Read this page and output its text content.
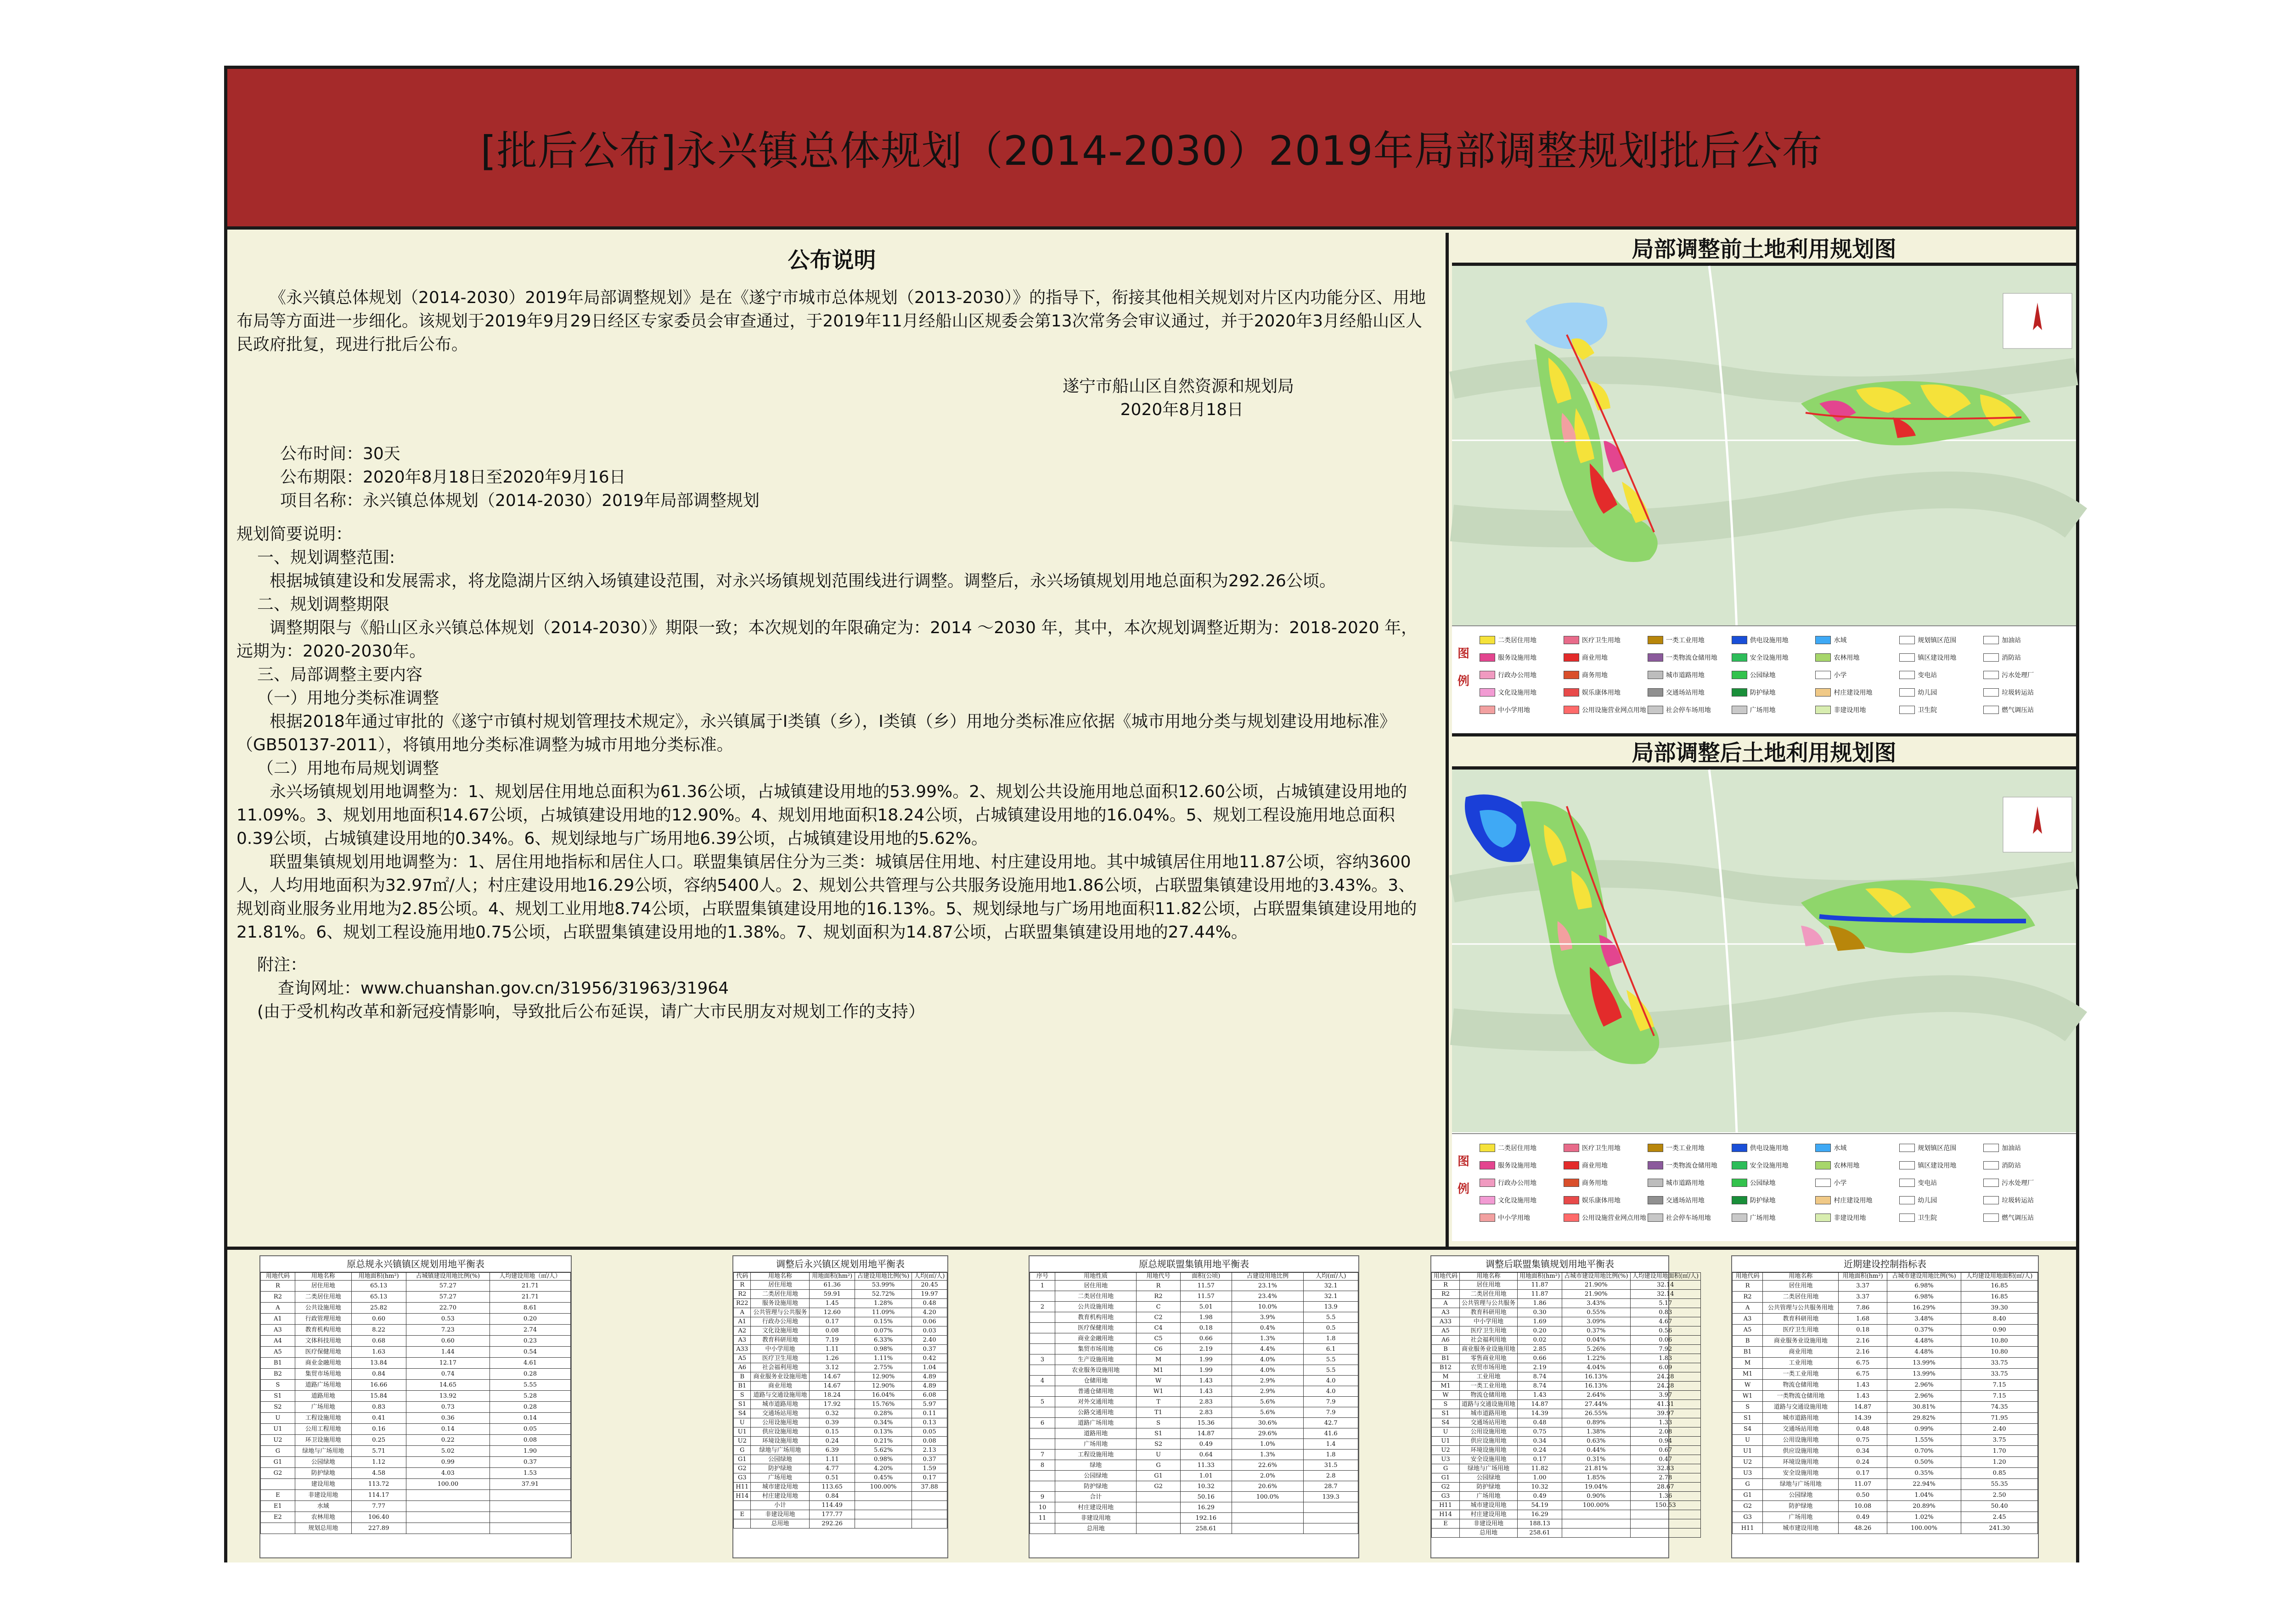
[批后公布]永兴镇总体规划（2014-2030）2019年局部调整规划批后公布
公布说明
《永兴镇总体规划（2014-2030）2019年局部调整规划》是在《遂宁市城市总体规划（2013-2030）》的指导下，衔接其他相关规划对片区内功能分区、用地布局等方面进一步细化。该规划于2019年9月29日经区专家委员会审查通过，于2019年11月经船山区规委会第13次常务会审议通过，并于2020年3月经船山区人民政府批复，现进行批后公布。
遂宁市船山区自然资源和规划局
2020年8月18日
公布时间：30天
公布期限：2020年8月18日至2020年9月16日
项目名称：永兴镇总体规划（2014-2030）2019年局部调整规划
规划简要说明：
一、规划调整范围:
根据城镇建设和发展需求，将龙隐湖片区纳入场镇建设范围，对永兴场镇规划范围线进行调整。调整后，永兴场镇规划用地总面积为292.26公顷。
二、规划调整期限
调整期限与《船山区永兴镇总体规划（2014-2030）》期限一致；本次规划的年限确定为：2014 ～2030 年，其中，本次规划调整近期为：2018-2020 年，远期为：2020-2030年。
三、局部调整主要内容
（一）用地分类标准调整
根据2018年通过审批的《遂宁市镇村规划管理技术规定》，永兴镇属于Ⅰ类镇（乡），Ⅰ类镇（乡）用地分类标准应依据《城市用地分类与规划建设用地标准》（GB50137-2011），将镇用地分类标准调整为城市用地分类标准。
（二）用地布局规划调整
永兴场镇规划用地调整为：1、规划居住用地总面积为61.36公顷，占城镇建设用地的53.99%。2、规划公共设施用地总面积12.60公顷，占城镇建设用地的11.09%。3、规划用地面积14.67公顷，占城镇建设用地的12.90%。4、规划用地面积18.24公顷，占城镇建设用地的16.04%。5、规划工程设施用地总面积0.39公顷，占城镇建设用地的0.34%。6、规划绿地与广场用地6.39公顷，占城镇建设用地的5.62%。
联盟集镇规划用地调整为：1、居住用地指标和居住人口。联盟集镇居住分为三类：城镇居住用地、村庄建设用地。其中城镇居住用地11.87公顷，容纳3600人，人均用地面积为32.97㎡/人；村庄建设用地16.29公顷，容纳5400人。2、规划公共管理与公共服务设施用地1.86公顷，占联盟集镇建设用地的3.43%。3、规划商业服务业用地为2.85公顷。4、规划工业用地8.74公顷，占联盟集镇建设用地的16.13%。5、规划绿地与广场用地面积11.82公顷，占联盟集镇建设用地的21.81%。6、规划工程设施用地0.75公顷，占联盟集镇建设用地的1.38%。7、规划面积为14.87公顷，占联盟集镇建设用地的27.44%。
附注：
查询网址：www.chuanshan.gov.cn/31956/31963/31964
(由于受机构改革和新冠疫情影响，导致批后公布延误，请广大市民朋友对规划工作的支持）
局部调整前土地利用规划图
图例
二类居住用地	医疗卫生用地	一类工业用地	供电设施用地	水域	规划镇区范围	加油站
服务设施用地	商业用地	一类物流仓储用地	安全设施用地	农林用地	镇区建设用地	消防站
行政办公用地	商务用地	城市道路用地	公园绿地	小学	变电站	污水处理厂
文化设施用地	娱乐康体用地	交通场站用地	防护绿地	村庄建设用地	幼儿园	垃圾转运站
中小学用地	公用设施营业网点用地	社会停车场用地	广场用地	非建设用地	卫生院	燃气调压站
局部调整后土地利用规划图
图例
二类居住用地	医疗卫生用地	一类工业用地	供电设施用地	水域	规划镇区范围	加油站
服务设施用地	商业用地	一类物流仓储用地	安全设施用地	农林用地	镇区建设用地	消防站
行政办公用地	商务用地	城市道路用地	公园绿地	小学	变电站	污水处理厂
文化设施用地	娱乐康体用地	交通场站用地	防护绿地	村庄建设用地	幼儿园	垃圾转运站
中小学用地	公用设施营业网点用地	社会停车场用地	广场用地	非建设用地	卫生院	燃气调压站
原总规永兴镇镇区规划用地平衡表
用地代码	用地名称	用地面积(hm²)	占城镇建设用地比例(%)	人均建设用地（㎡/人）
R	居住用地	65.13	57.27	21.71
R2	二类居住用地	65.13	57.27	21.71
A	公共设施用地	25.82	22.70	8.61
A1	行政管理用地	0.60	0.53	0.20
A3	教育机构用地	8.22	7.23	2.74
A4	文体科技用地	0.68	0.60	0.23
A5	医疗保健用地	1.63	1.44	0.54
B1	商业金融用地	13.84	12.17	4.61
B2	集贸市场用地	0.84	0.74	0.28
S	道路广场用地	16.66	14.65	5.55
S1	道路用地	15.84	13.92	5.28
S2	广场用地	0.83	0.73	0.28
U	工程设施用地	0.41	0.36	0.14
U1	公用工程用地	0.16	0.14	0.05
U2	环卫设施用地	0.25	0.22	0.08
G	绿地与广场用地	5.71	5.02	1.90
G1	公园绿地	1.12	0.99	0.37
G2	防护绿地	4.58	4.03	1.53
	建设用地	113.72	100.00	37.91
E	非建设用地	114.17		
E1	水域	7.77		
E2	农林用地	106.40		
	规划总用地	227.89		
调整后永兴镇区规划用地平衡表
代码	用地名称	用地面积(hm²)	占建设用地比例(%)	人均(㎡/人)
R	居住用地	61.36	53.99%	20.45
R2	二类居住用地	59.91	52.72%	19.97
R22	服务设施用地	1.45	1.28%	0.48
A	公共管理与公共服务	12.60	11.09%	4.20
A1	行政办公用地	0.17	0.15%	0.06
A2	文化设施用地	0.08	0.07%	0.03
A3	教育科研用地	7.19	6.33%	2.40
A33	中小学用地	1.11	0.98%	0.37
A5	医疗卫生用地	1.26	1.11%	0.42
A6	社会福利用地	3.12	2.75%	1.04
B	商业服务业设施用地	14.67	12.90%	4.89
B1	商业用地	14.67	12.90%	4.89
S	道路与交通设施用地	18.24	16.04%	6.08
S1	城市道路用地	17.92	15.76%	5.97
S4	交通场站用地	0.32	0.28%	0.11
U	公用设施用地	0.39	0.34%	0.13
U1	供应设施用地	0.15	0.13%	0.05
U2	环境设施用地	0.24	0.21%	0.08
G	绿地与广场用地	6.39	5.62%	2.13
G1	公园绿地	1.11	0.98%	0.37
G2	防护绿地	4.77	4.20%	1.59
G3	广场用地	0.51	0.45%	0.17
H11	城市建设用地	113.65	100.00%	37.88
H14	村庄建设用地	0.84		
	小计	114.49		
E	非建设用地	177.77		
	总用地	292.26		
原总规联盟集镇用地平衡表
序号	用地性质	用地代号	面积(公顷)	占建设用地比例	人均(㎡/人)
1	居住用地	R	11.57	23.1%	32.1
	二类居住用地	R2	11.57	23.4%	32.1
2	公共设施用地	C	5.01	10.0%	13.9
	教育机构用地	C2	1.98	3.9%	5.5
	医疗保健用地	C4	0.18	0.4%	0.5
	商业金融用地	C5	0.66	1.3%	1.8
	集贸市场用地	C6	2.19	4.4%	6.1
3	生产设施用地	M	1.99	4.0%	5.5
	农业服务设施用地	M1	1.99	4.0%	5.5
4	仓储用地	W	1.43	2.9%	4.0
	普通仓储用地	W1	1.43	2.9%	4.0
5	对外交通用地	T	2.83	5.6%	7.9
	公路交通用地	T1	2.83	5.6%	7.9
6	道路广场用地	S	15.36	30.6%	42.7
	道路用地	S1	14.87	29.6%	41.6
	广场用地	S2	0.49	1.0%	1.4
7	工程设施用地	U	0.64	1.3%	1.8
8	绿地	G	11.33	22.6%	31.5
	公园绿地	G1	1.01	2.0%	2.8
	防护绿地	G2	10.32	20.6%	28.7
9	合计		50.16	100.0%	139.3
10	村庄建设用地		16.29		
11	非建设用地		192.16		
	总用地		258.61		
调整后联盟集镇规划用地平衡表
用地代码	用地名称	用地面积(hm²)	占城市建设用地比例(%)	人均建设用地面积(㎡/人)
R	居住用地	11.87	21.90%	32.14
R2	二类居住用地	11.87	21.90%	32.14
A	公共管理与公共服务	1.86	3.43%	5.17
A3	教育科研用地	0.30	0.55%	0.83
A33	中小学用地	1.69	3.09%	4.67
A5	医疗卫生用地	0.20	0.37%	0.56
A6	社会福利用地	0.02	0.04%	0.06
B	商业服务业设施用地	2.85	5.26%	7.92
B1	零售商业用地	0.66	1.22%	1.83
B12	农贸市场用地	2.19	4.04%	6.09
M	工业用地	8.74	16.13%	24.28
M1	一类工业用地	8.74	16.13%	24.28
W	物流仓储用地	1.43	2.64%	3.97
S	道路与交通设施用地	14.87	27.44%	41.31
S1	城市道路用地	14.39	26.55%	39.97
S4	交通场站用地	0.48	0.89%	1.33
U	公用设施用地	0.75	1.38%	2.08
U1	供应设施用地	0.34	0.63%	0.94
U2	环境设施用地	0.24	0.44%	0.67
U3	安全设施用地	0.17	0.31%	0.47
G	绿地与广场用地	11.82	21.81%	32.83
G1	公园绿地	1.00	1.85%	2.78
G2	防护绿地	10.32	19.04%	28.67
G3	广场用地	0.49	0.90%	1.36
H11	城市建设用地	54.19	100.00%	150.53
H14	村庄建设用地	16.29		
E	非建设用地	188.13		
	总用地	258.61		
近期建设控制指标表
用地代码	用地名称	用地面积(hm²)	占城市建设用地比例(%)	人均建设用地面积(㎡/人)
R	居住用地	3.37	6.98%	16.85
R2	二类居住用地	3.37	6.98%	16.85
A	公共管理与公共服务用地	7.86	16.29%	39.30
A3	教育科研用地	1.68	3.48%	8.40
A5	医疗卫生用地	0.18	0.37%	0.90
B	商业服务业设施用地	2.16	4.48%	10.80
B1	商业用地	2.16	4.48%	10.80
M	工业用地	6.75	13.99%	33.75
M1	一类工业用地	6.75	13.99%	33.75
W	物流仓储用地	1.43	2.96%	7.15
W1	一类物流仓储用地	1.43	2.96%	7.15
S	道路与交通设施用地	14.87	30.81%	74.35
S1	城市道路用地	14.39	29.82%	71.95
S4	交通场站用地	0.48	0.99%	2.40
U	公用设施用地	0.75	1.55%	3.75
U1	供应设施用地	0.34	0.70%	1.70
U2	环境设施用地	0.24	0.50%	1.20
U3	安全设施用地	0.17	0.35%	0.85
G	绿地与广场用地	11.07	22.94%	55.35
G1	公园绿地	0.50	1.04%	2.50
G2	防护绿地	10.08	20.89%	50.40
G3	广场用地	0.49	1.02%	2.45
H11	城市建设用地	48.26	100.00%	241.30
